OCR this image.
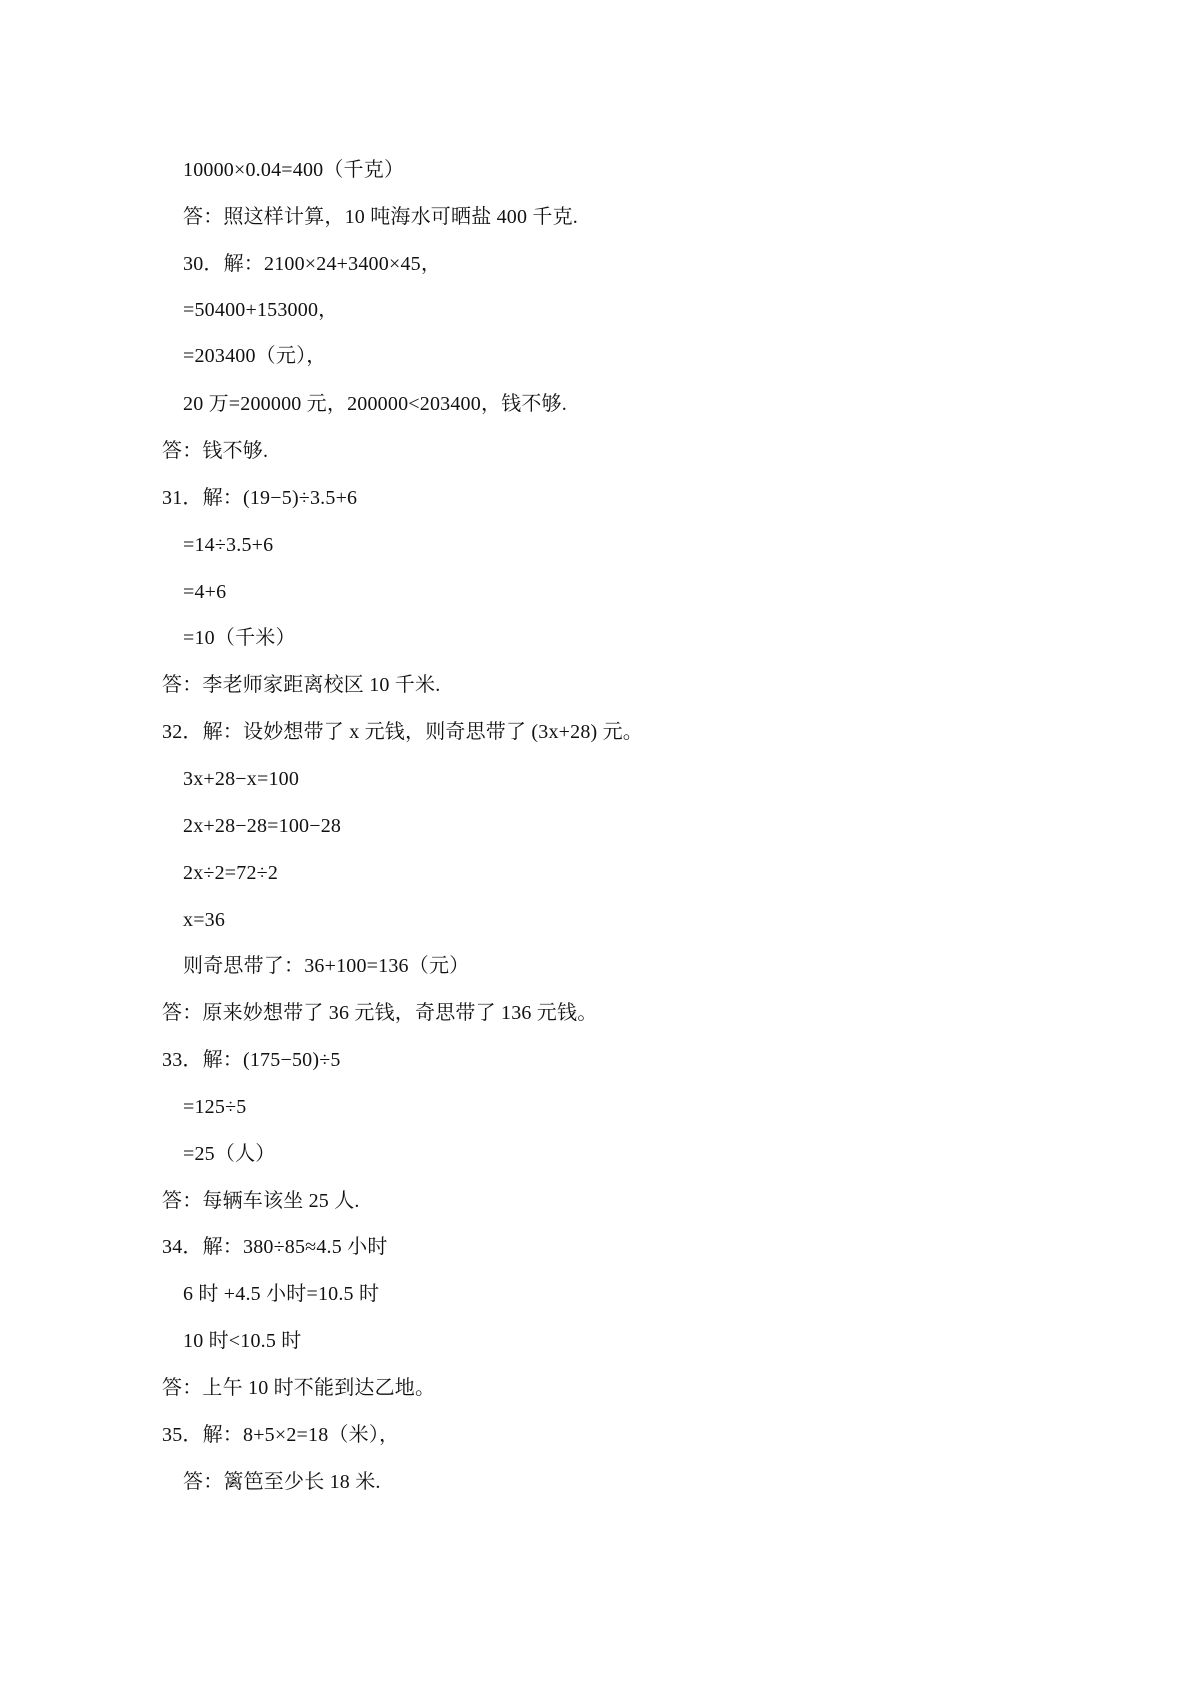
10000×0.04=400（千克）
答：照这样计算，10 吨海水可晒盐 400 千克.
30．解：2100×24+3400×45，
=50400+153000，
=203400（元），
20 万=200000 元，200000<203400，钱不够.
答：钱不够.
31．解：(19−5)÷3.5+6
=14÷3.5+6
=4+6
=10（千米）
答：李老师家距离校区 10 千米.
32．解：设妙想带了 x 元钱，则奇思带了 (3x+28) 元。
3x+28−x=100
2x+28−28=100−28
2x÷2=72÷2
x=36
则奇思带了：36+100=136（元）
答：原来妙想带了 36 元钱，奇思带了 136 元钱。
33．解：(175−50)÷5
=125÷5
=25（人）
答：每辆车该坐 25 人.
34．解：380÷85≈4.5 小时
6 时 +4.5 小时=10.5 时
10 时<10.5 时
答：上午 10 时不能到达乙地。
35．解：8+5×2=18（米），
答：篱笆至少长 18 米.
